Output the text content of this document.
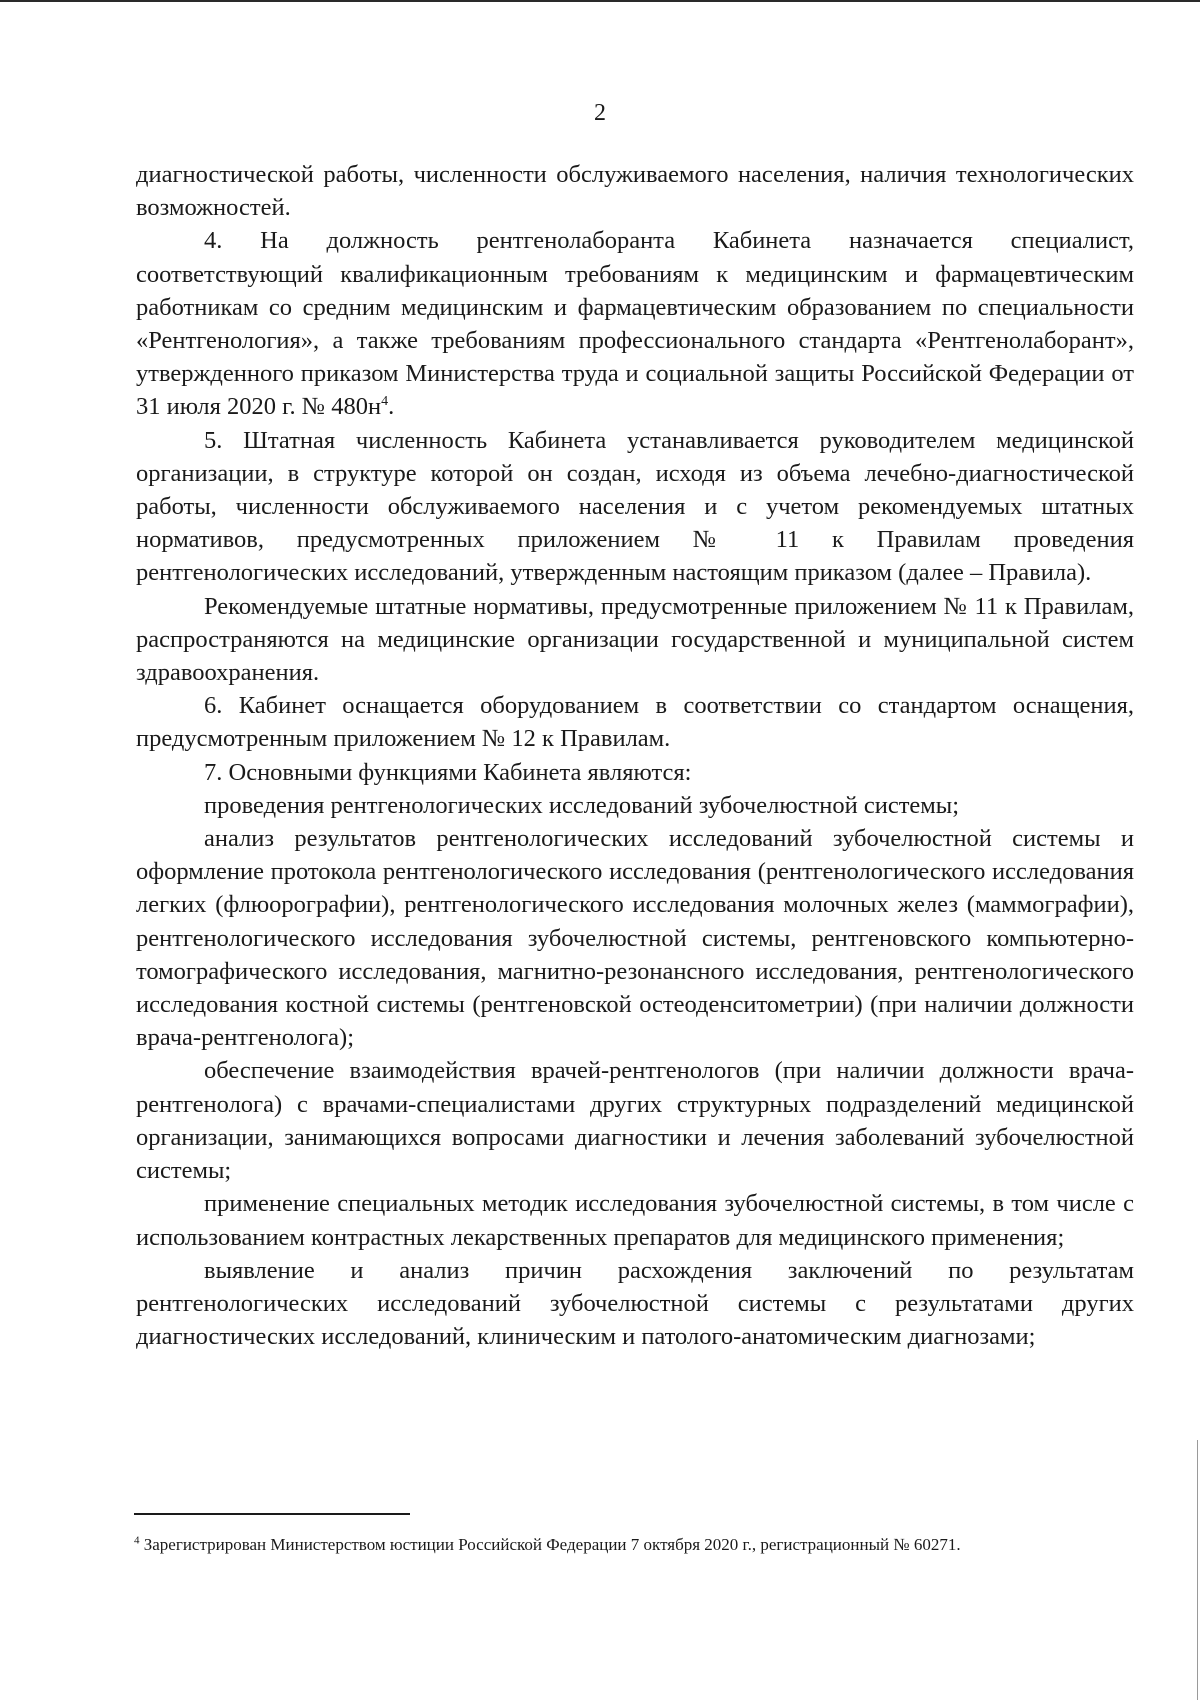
2

диагностической работы, численности обслуживаемого населения, наличия технологических возможностей.

4. На должность рентгенолаборанта Кабинета назначается специалист, соответствующий квалификационным требованиям к медицинским и фармацевтическим работникам со средним медицинским и фармацевтическим образованием по специальности «Рентгенология», а также требованиям профессионального стандарта «Рентгенолаборант», утвержденного приказом Министерства труда и социальной защиты Российской Федерации от 31 июля 2020 г. № $480н^4$.

5. Штатная численность Кабинета устанавливается руководителем медицинской организации, в структуре которой он создан, исходя из объема лечебно-диагностической работы, численности обслуживаемого населения и с учетом рекомендуемых штатных нормативов, предусмотренных приложением № 11 к Правилам проведения рентгенологических исследований, утвержденным настоящим приказом (далее – Правила).

Рекомендуемые штатные нормативы, предусмотренные приложением № 11 к Правилам, распространяются на медицинские организации государственной и муниципальной систем здравоохранения.

6. Кабинет оснащается оборудованием в соответствии со стандартом оснащения, предусмотренным приложением № 12 к Правилам.

7. Основными функциями Кабинета являются:

проведения рентгенологических исследований зубочелюстной системы;

анализ результатов рентгенологических исследований зубочелюстной системы и оформление протокола рентгенологического исследования (рентгенологического исследования легких (флюорографии), рентгенологического исследования молочных желез (маммографии), рентгенологического исследования зубочелюстной системы, рентгеновского компьютерно-томографического исследования, магнитно-резонансного исследования, рентгенологического исследования костной системы (рентгеновской остеоденситометрии) (при наличии должности врача-рентгенолога);

обеспечение взаимодействия врачей-рентгенологов (при наличии должности врача-рентгенолога) с врачами-специалистами других структурных подразделений медицинской организации, занимающихся вопросами диагностики и лечения заболеваний зубочелюстной системы;

применение специальных методик исследования зубочелюстной системы, в том числе с использованием контрастных лекарственных препаратов для медицинского применения;

выявление и анализ причин расхождения заключений по результатам рентгенологических исследований зубочелюстной системы с результатами других диагностических исследований, клиническим и патолого-анатомическим диагнозами;

$^4$ Зарегистрирован Министерством юстиции Российской Федерации 7 октября 2020 г., регистрационный № 60271.
